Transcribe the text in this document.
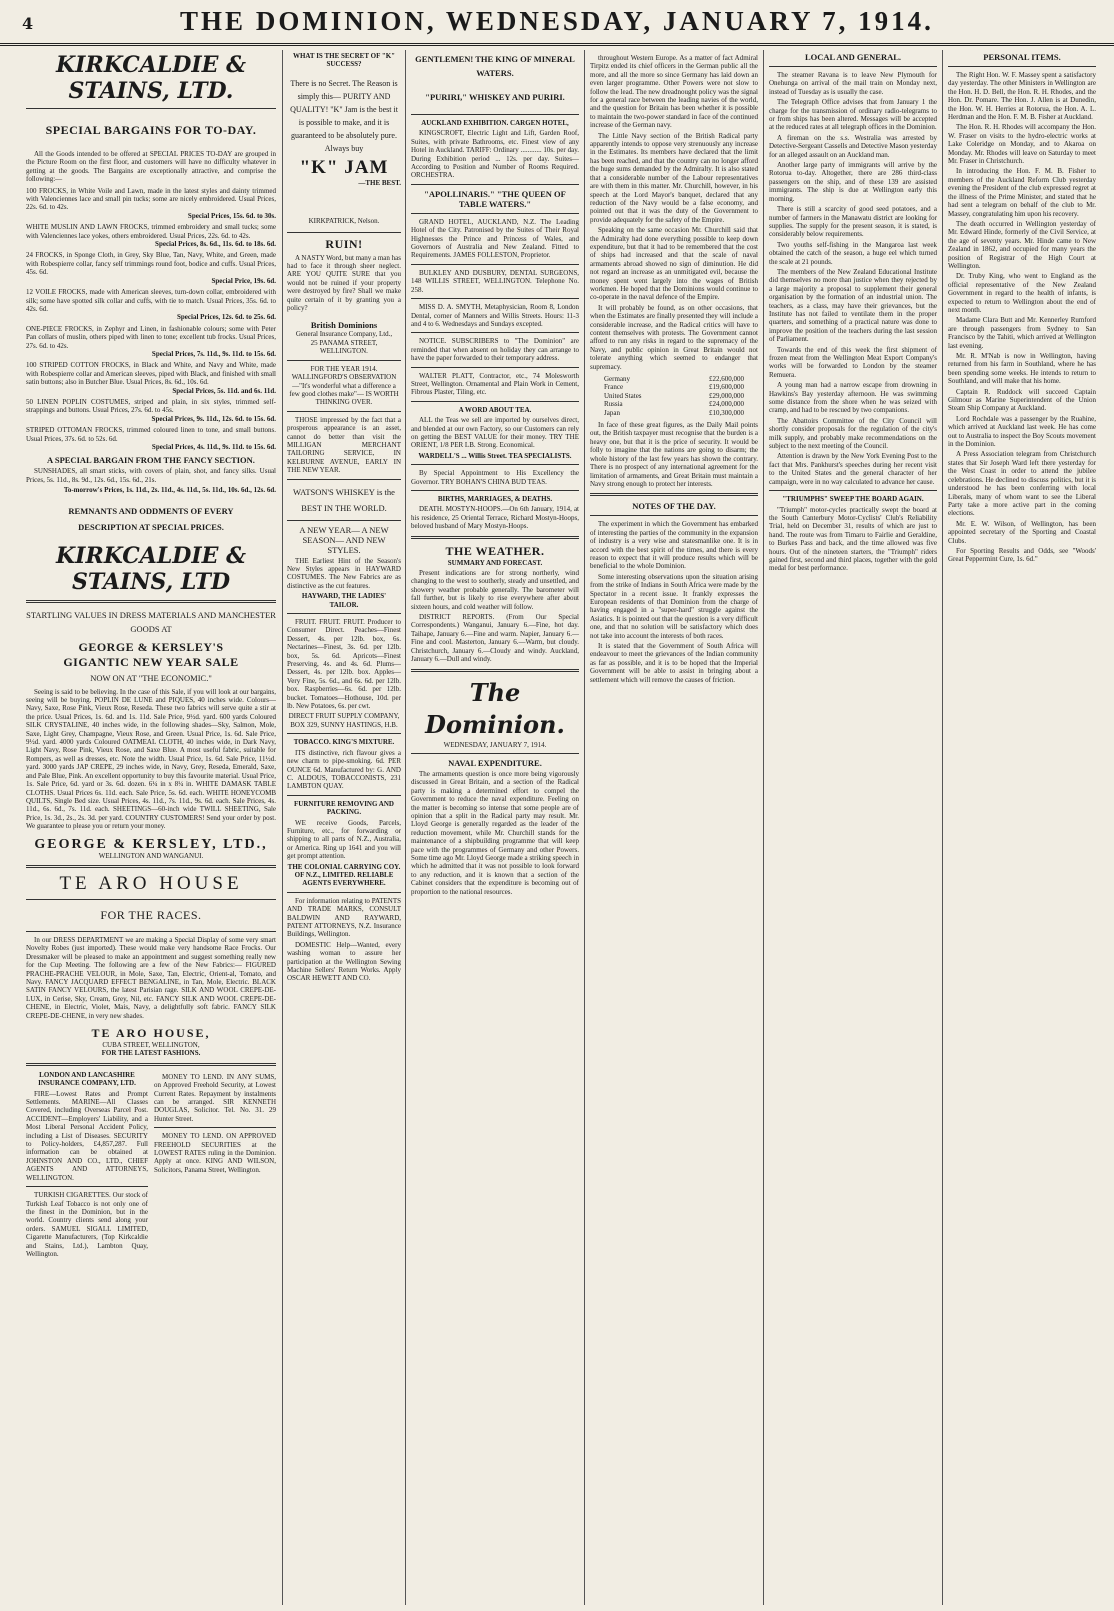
4	THE DOMINION, WEDNESDAY, JANUARY 7, 1914.
KIRKCALDIE & STAINS, LTD.
SPECIAL BARGAINS FOR TO-DAY.

All the Goods intended to be offered at SPECIAL PRICES TO-DAY are grouped in the Picture Room on the first floor, and customers will have no difficulty whatever in getting at the goods. The Bargains are exceptionally attractive, and comprise the following:—

100 FROCKS, in White Voile and Lawn, made in the latest styles and dainty trimmed with Valenciennes lace and small pin tucks; some are nicely embroidered. Usual Prices, 22s. 6d. to 42s.
Special Prices, 15s. 6d. to 30s.
WHITE MUSLIN AND LAWN FROCKS, trimmed embroidery and small tucks; some with Valenciennes lace yokes, others embroidered. Usual Prices, 22s. 6d. to 42s.
Special Prices, 8s. 6d., 11s. 6d. to 18s. 6d.
24 FROCKS, in Sponge Cloth, in Grey, Sky Blue, Tan, Navy, White, and Green, made with Robespierre collar, fancy self trimmings round foot, bodice and cuffs. Usual Prices, 45s. 6d.
Special Price, 19s. 6d.
12 VOILE FROCKS, made with American sleeves, turn-down collar, embroidered with silk; some have spotted silk collar and cuffs, with tie to match. Usual Prices, 35s. 6d. to 42s. 6d.
Special Prices, 12s. 6d. to 25s. 6d.
ONE-PIECE FROCKS, in Zephyr and Linen, in fashionable colours; some with Peter Pan collars of muslin, others piped with linen to tone; excellent tub frocks. Usual Prices, 27s. 6d. to 42s.
Special Prices, 7s. 11d., 9s. 11d. to 15s. 6d.
100 STRIPED COTTON FROCKS, in Black and White, and Navy and White, made with Robespierre collar and American sleeves, piped with Black, and finished with small satin buttons; also in Butcher Blue. Usual Prices, 8s. 6d., 10s. 6d.
Special Prices, 5s. 11d. and 6s. 11d.
50 LINEN POPLIN COSTUMES, striped and plain, in six styles, trimmed self-strappings and buttons. Usual Prices, 27s. 6d. to 45s.
Special Prices, 9s. 11d., 12s. 6d. to 15s. 6d.
STRIPED OTTOMAN FROCKS, trimmed coloured linen to tone, and small buttons. Usual Prices, 37s. 6d. to 52s. 6d.
Special Prices, 4s. 11d., 9s. 11d. to 15s. 6d.
A SPECIAL BARGAIN FROM THE FANCY SECTION.

SUNSHADES, all smart sticks, with covers of plain, shot, and fancy silks. Usual Prices, 5s. 11d., 8s. 9d., 12s. 6d., 15s. 6d., 21s.

To-morrow's Prices, 1s. 11d., 2s. 11d., 4s. 11d., 5s. 11d., 10s. 6d., 12s. 6d.
REMNANTS AND ODDMENTS OF EVERY DESCRIPTION AT SPECIAL PRICES.
KIRKCALDIE & STAINS, LTD
STARTLING VALUES IN DRESS MATERIALS AND MANCHESTER GOODS AT
GEORGE & KERSLEY'S
GIGANTIC NEW YEAR SALE
NOW ON AT "THE ECONOMIC."

Seeing is said to be believing. In the case of this Sale, if you will look at our bargains, seeing will be buying. POPLIN DE LUNE and PIQUES, 40 inches wide. Colours—Navy, Saxe, Rose Pink, Vieux Rose, Reseda. These two fabrics will serve quite a stir at the price. Usual Prices, 1s. 6d. and 1s. 11d. Sale Price, 9½d. yard. 600 yards Coloured SILK CRYSTALINE, 40 inches wide, in the following shades—Sky, Salmon, Mole, Saxe, Light Grey, Champagne, Vieux Rose, and Green. Usual Price, 1s. 6d. Sale Price, 9½d. yard. 4000 yards Coloured OATMEAL CLOTH, 40 inches wide, in Dark Navy, Light Navy, Rose Pink, Vieux Rose, and Saxe Blue. A most useful fabric, suitable for Rompers, as well as dresses, etc. Note the width. Usual Price, 1s. 6d. Sale Price, 11½d. yard. 3000 yards JAP CREPE, 29 inches wide, in Navy, Grey, Reseda, Emerald, Saxe, and Pale Blue, Pink. An excellent opportunity to buy this favourite material. Usual Price, 1s. Sale Price, 6d. yard or 3s. 6d. dozen. 6¼ in x 8¼ in. WHITE DAMASK TABLE CLOTHS. Usual Prices 6s. 11d. each. Sale Price, 5s. 6d. each. WHITE HONEYCOMB QUILTS, Single Bed size. Usual Prices, 4s. 11d., 7s. 11d., 9s. 6d. each. Sale Prices, 4s. 11d., 6s. 6d., 7s. 11d. each. SHEETINGS—60-inch wide TWILL SHEETING, Sale Price, 1s. 3d., 2s., 2s. 3d. per yard. COUNTRY CUSTOMERS! Send your order by post. We guarantee to please you or return your money.

GEORGE & KERSLEY, LTD.,
WELLINGTON AND WANGANUI.
TE ARO HOUSE
FOR THE RACES.

In our DRESS DEPARTMENT we are making a Special Display of some very smart Novelty Robes (just imported). These would make very handsome Race Frocks. Our Dressmaker will be pleased to make an appointment and suggest something really new for the Cup Meeting. The following are a few of the New Fabrics:— FIGURED PRACHE-PRACHE VELOUR, in Mole, Saxe, Tan, Electric, Orient-al, Tomato, and Navy. FANCY JACQUARD EFFECT BENGALINE, in Tan, Mole, Electric. BLACK SATIN FANCY VELOURS, the latest Parisian rage. SILK AND WOOL CREPE-DE-LUX, in Cerise, Sky, Cream, Grey, Nil, etc. FANCY SILK AND WOOL CREPE-DE-CHENE, in Electric, Violet, Mais, Navy, a delightfully soft fabric. FANCY SILK CREPE-DE-CHENE, in very new shades.

TE ARO HOUSE,
CUBA STREET, WELLINGTON,
FOR THE LATEST FASHIONS.
LONDON AND LANCASHIRE INSURANCE COMPANY, LTD.

FIRE—Lowest Rates and Prompt Settlements. MARINE—All Classes Covered, including Overseas Parcel Post. ACCIDENT—Employers' Liability, and a Most Liberal Personal Accident Policy, including a List of Diseases. SECURITY to Policy-holders, £4,857,287. Full information can be obtained at JOHNSTON AND CO., LTD., CHIEF AGENTS AND ATTORNEYS, WELLINGTON.

TURKISH CIGARETTES. Our stock of Turkish Leaf Tobacco is not only one of the finest in the Dominion, but in the world. Country clients send along your orders. SAMUEL SIGALL LIMITED, Cigarette Manufacturers, (Top Kirkcaldie and Stains, Ltd.), Lambton Quay, Wellington.

MONEY TO LEND. IN ANY SUMS, on Approved Freehold Security, at Lowest Current Rates. Repayment by instalments can be arranged. SIR KENNETH DOUGLAS, Solicitor. Tel. No. 31. 29 Hunter Street.

MONEY TO LEND. ON APPROVED FREEHOLD SECURITIES at the LOWEST RATES ruling in the Dominion. Apply at once. KING AND WILSON, Solicitors, Panama Street, Wellington.

WHAT IS THE SECRET OF "K" SUCCESS?

There is no Secret. The Reason is simply this— PURITY AND QUALITY! "K" Jam is the best it is possible to make, and it is guaranteed to be absolutely pure. Always buy

"K" JAM
—THE BEST.
KIRKPATRICK, Nelson.
RUIN!

A NASTY Word, but many a man has had to face it through sheer neglect. ARE YOU QUITE SURE that you would not be ruined if your property were destroyed by fire? Shall we make quite certain of it by granting you a policy?

British Dominions
General Insurance Company, Ltd.,
25 PANAMA STREET, WELLINGTON.

FOR THE YEAR 1914. WALLINGFORD'S OBSERVATION—"It's wonderful what a difference a few good clothes make"— IS WORTH THINKING OVER.

THOSE impressed by the fact that a prosperous appearance is an asset, cannot do better than visit the MILLIGAN MERCHANT TAILORING SERVICE, IN KELBURNE AVENUE, EARLY IN THE NEW YEAR.

WATSON'S WHISKEY is the BEST IN THE WORLD.

A NEW YEAR— A NEW SEASON— AND NEW STYLES.

THE Earliest Hint of the Season's New Styles appears in HAYWARD COSTUMES. The New Fabrics are as distinctive as the cut features.

HAYWARD, THE LADIES' TAILOR.

FRUIT. FRUIT. FRUIT. Producer to Consumer Direct. Peaches—Finest Dessert, 4s. per 12lb. box, 6s. Nectarines—Finest, 3s. 6d. per 12lb. box, 5s. 6d. Apricots—Finest Preserving, 4s. and 4s. 6d. Plums—Dessert, 4s. per 12lb. box. Apples—Very Fine, 5s. 6d., and 6s. 6d. per 12lb. box. Raspberries—6s. 6d. per 12lb. bucket. Tomatoes—Hothouse, 10d. per lb. New Potatoes, 6s. per cwt.

DIRECT FRUIT SUPPLY COMPANY, BOX 329, SUNNY HASTINGS, H.B.
TOBACCO. KING'S MIXTURE.

ITS distinctive, rich flavour gives a new charm to pipe-smoking. 6d. PER OUNCE 6d. Manufactured by: G. AND C. ALDOUS, TOBACCONISTS, 231 LAMBTON QUAY.

FURNITURE REMOVING AND PACKING.

WE receive Goods, Parcels, Furniture, etc., for forwarding or shipping to all parts of N.Z., Australia, or America. Ring up 1641 and you will get prompt attention.

THE COLONIAL CARRYING COY. OF N.Z., LIMITED. RELIABLE AGENTS EVERYWHERE.

For information relating to PATENTS AND TRADE MARKS, CONSULT BALDWIN AND RAYWARD, PATENT ATTORNEYS, N.Z. Insurance Buildings, Wellington.

DOMESTIC Help—Wanted, every washing woman to assure her participation at the Wellington Sewing Machine Sellers' Return Works. Apply OSCAR HEWETT AND CO.

GENTLEMEN! THE KING OF MINERAL WATERS.
"PURIRI," WHISKEY AND PURIRI.
AUCKLAND EXHIBITION. CARGEN HOTEL,

KINGSCROFT, Electric Light and Lift, Garden Roof, Suites, with private Bathrooms, etc. Finest view of any Hotel in Auckland. TARIFF: Ordinary ............ 10s. per day. During Exhibition period ... 12s. per day. Suites—According to Position and Number of Rooms Required. ORCHESTRA.

"APOLLINARIS." "THE QUEEN OF TABLE WATERS."

GRAND HOTEL, AUCKLAND, N.Z. The Leading Hotel of the City. Patronised by the Suites of Their Royal Highnesses the Prince and Princess of Wales, and Governors of Australia and New Zealand. Fitted to Requirements. JAMES FOLLESTON, Proprietor.

BULKLEY AND DUSBURY, DENTAL SURGEONS, 148 WILLIS STREET, WELLINGTON. Telephone No. 258.

MISS D. A. SMYTH, Metaphysician, Room 8, London Dental, corner of Manners and Willis Streets. Hours: 11-3 and 4 to 6. Wednesdays and Sundays excepted.

NOTICE. SUBSCRIBERS to "The Dominion" are reminded that when absent on holiday they can arrange to have the paper forwarded to their temporary address.

WALTER PLATT, Contractor, etc., 74 Molesworth Street, Wellington. Ornamental and Plain Work in Cement, Fibrous Plaster, Tiling, etc.

A WORD ABOUT TEA.

ALL the Teas we sell are imported by ourselves direct, and blended at our own Factory, so our Customers can rely on getting the BEST VALUE for their money. TRY THE ORIENT, 1/8 PER LB. Strong. Economical.

WARDELL'S ... Willis Street. TEA SPECIALISTS.

By Special Appointment to His Excellency the Governor. TRY BOHAN'S CHINA BUD TEAS.

BIRTHS, MARRIAGES, & DEATHS.

DEATH. MOSTYN-HOOPS.—On 6th January, 1914, at his residence, 25 Oriental Terrace, Richard Mostyn-Hoops, beloved husband of Mary Mostyn-Hoops.

THE WEATHER.
SUMMARY AND FORECAST.

Present indications are for strong northerly, wind changing to the west to southerly, steady and unsettled, and showery weather probable generally. The barometer will fall further, but is likely to rise everywhere after about sixteen hours, and cold weather will follow.

DISTRICT REPORTS. (From Our Special Correspondents.) Wanganui, January 6.—Fine, hot day. Taihape, January 6.—Fine and warm. Napier, January 6.—Fine and cool. Masterton, January 6.—Warm, but cloudy. Christchurch, January 6.—Cloudy and windy. Auckland, January 6.—Dull and windy.

The Dominion.
WEDNESDAY, JANUARY 7, 1914.
NAVAL EXPENDITURE.

The armaments question is once more being vigorously discussed in Great Britain, and a section of the Radical party is making a determined effort to compel the Government to reduce the naval expenditure. Feeling on the matter is becoming so intense that some people are of opinion that a split in the Radical party may result. Mr. Lloyd George is generally regarded as the leader of the reduction movement, while Mr. Churchill stands for the maintenance of a shipbuilding programme that will keep pace with the programmes of Germany and other Powers. Some time ago Mr. Lloyd George made a striking speech in which he admitted that it was not possible to look forward to any reduction, and it is known that a section of the Cabinet considers that the expenditure is becoming out of proportion to the national resources.

throughout Western Europe. As a matter of fact Admiral Tirpitz ended its chief officers in the German public all the more, and all the more so since Germany has laid down an even larger programme. Other Powers were not slow to follow the lead. The new dreadnought policy was the signal for a general race between the leading navies of the world, and the question for Britain has been whether it is possible to maintain the two-power standard in face of the continued increase of the German navy.

The Little Navy section of the British Radical party apparently intends to oppose very strenuously any increase in the Estimates. Its members have declared that the limit has been reached, and that the country can no longer afford the huge sums demanded by the Admiralty. It is also stated that a considerable number of the Labour representatives are with them in this matter. Mr. Churchill, however, in his speech at the Lord Mayor's banquet, declared that any reduction of the Navy would be a false economy, and pointed out that it was the duty of the Government to provide adequately for the safety of the Empire.

Speaking on the same occasion Mr. Churchill said that the Admiralty had done everything possible to keep down expenditure, but that it had to be remembered that the cost of ships had increased and that the scale of naval armaments abroad showed no sign of diminution. He did not regard an increase as an unmitigated evil, because the money spent went largely into the wages of British workmen. He hoped that the Dominions would continue to co-operate in the naval defence of the Empire.

It will probably be found, as on other occasions, that when the Estimates are finally presented they will include a considerable increase, and the Radical critics will have to content themselves with protests. The Government cannot afford to run any risks in regard to the supremacy of the Navy, and public opinion in Great Britain would not tolerate anything which seemed to endanger that supremacy.

Germany	£22,600,000
France	£19,600,000
United States	£29,000,000
Russia	£24,000,000
Japan	£10,300,000

In face of these great figures, as the Daily Mail points out, the British taxpayer must recognise that the burden is a heavy one, but that it is the price of security. It would be folly to imagine that the nations are going to disarm; the whole history of the last few years has shown the contrary. There is no prospect of any international agreement for the limitation of armaments, and Great Britain must maintain a Navy strong enough to protect her interests.

NOTES OF THE DAY.

The experiment in which the Government has embarked of interesting the parties of the community in the expansion of industry is a very wise and statesmanlike one. It is in accord with the best spirit of the times, and there is every reason to expect that it will produce results which will be beneficial to the whole Dominion.

Some interesting observations upon the situation arising from the strike of Indians in South Africa were made by the Spectator in a recent issue. It frankly expresses the European residents of that Dominion from the charge of having engaged in a "super-hard" struggle against the Asiatics. It is pointed out that the question is a very difficult one, and that no solution will be satisfactory which does not take into account the interests of both races.

It is stated that the Government of South Africa will endeavour to meet the grievances of the Indian community as far as possible, and it is to be hoped that the Imperial Government will be able to assist in bringing about a settlement which will remove the causes of friction.

LOCAL AND GENERAL.

The steamer Ravana is to leave New Plymouth for Onehunga on arrival of the mail train on Monday next, instead of Tuesday as is usually the case.

The Telegraph Office advises that from January 1 the charge for the transmission of ordinary radio-telegrams to or from ships has been altered. Messages will be accepted at the reduced rates at all telegraph offices in the Dominion.

A fireman on the s.s. Westralia was arrested by Detective-Sergeant Cassells and Detective Mason yesterday for an alleged assault on an Auckland man.

Another large party of immigrants will arrive by the Rotorua to-day. Altogether, there are 286 third-class passengers on the ship, and of these 139 are assisted immigrants. The ship is due at Wellington early this morning.

There is still a scarcity of good seed potatoes, and a number of farmers in the Manawatu district are looking for supplies. The supply for the present season, it is stated, is considerably below requirements.

Two youths self-fishing in the Mangaroa last week obtained the catch of the season, a huge eel which turned the scale at 21 pounds.

The members of the New Zealand Educational Institute did themselves no more than justice when they rejected by a large majority a proposal to supplement their general organisation by the formation of an industrial union. The teachers, as a class, may have their grievances, but the Institute has not failed to ventilate them in the proper quarters, and something of a practical nature was done to improve the position of the teachers during the last session of Parliament.

Towards the end of this week the first shipment of frozen meat from the Wellington Meat Export Company's works will be forwarded to London by the steamer Remuera.

A young man had a narrow escape from drowning in Hawkins's Bay yesterday afternoon. He was swimming some distance from the shore when he was seized with cramp, and had to be rescued by two companions.

The Abattoirs Committee of the City Council will shortly consider proposals for the regulation of the city's milk supply, and probably make recommendations on the subject to the next meeting of the Council.

Attention is drawn by the New York Evening Post to the fact that Mrs. Pankhurst's speeches during her recent visit to the United States and the general character of her campaign, were in no way calculated to advance her cause.

"TRIUMPHS" SWEEP THE BOARD AGAIN.

"Triumph" motor-cycles practically swept the board at the South Canterbury Motor-Cyclists' Club's Reliability Trial, held on December 31, results of which are just to hand. The route was from Timaru to Fairlie and Geraldine, to Burkes Pass and back, and the time allowed was five hours. Out of the nineteen starters, the "Triumph" riders gained first, second and third places, together with the gold medal for best performance.

PERSONAL ITEMS.

The Right Hon. W. F. Massey spent a satisfactory day yesterday. The other Ministers in Wellington are the Hon. H. D. Bell, the Hon. R. H. Rhodes, and the Hon. Dr. Pomare. The Hon. J. Allen is at Dunedin, the Hon. W. H. Herries at Rotorua, the Hon. A. L. Herdman and the Hon. F. M. B. Fisher at Auckland.

The Hon. R. H. Rhodes will accompany the Hon. W. Fraser on visits to the hydro-electric works at Lake Coleridge on Monday, and to Akaroa on Monday. Mr. Rhodes will leave on Saturday to meet Mr. Fraser in Christchurch.

In introducing the Hon. F. M. B. Fisher to members of the Auckland Reform Club yesterday evening the President of the club expressed regret at the illness of the Prime Minister, and stated that he had sent a telegram on behalf of the club to Mr. Massey, congratulating him upon his recovery.

The death occurred in Wellington yesterday of Mr. Edward Hinde, formerly of the Civil Service, at the age of seventy years. Mr. Hinde came to New Zealand in 1862, and occupied for many years the position of Registrar of the High Court at Wellington.

Dr. Truby King, who went to England as the official representative of the New Zealand Government in regard to the health of infants, is expected to return to Wellington about the end of next month.

Madame Clara Butt and Mr. Kennerley Rumford are through passengers from Sydney to San Francisco by the Tahiti, which arrived at Wellington last evening.

Mr. R. M'Nab is now in Wellington, having returned from his farm in Southland, where he has been spending some weeks. He intends to return to Southland, and will make that his home.

Captain R. Ruddock will succeed Captain Gilmour as Marine Superintendent of the Union Steam Ship Company at Auckland.

Lord Rochdale was a passenger by the Ruahine, which arrived at Auckland last week. He has come out to Australia to inspect the Boy Scouts movement in the Dominion.

A Press Association telegram from Christchurch states that Sir Joseph Ward left there yesterday for the West Coast in order to attend the jubilee celebrations. He declined to discuss politics, but it is understood he has been conferring with local Liberals, many of whom want to see the Liberal Party take a more active part in the coming elections.

Mr. E. W. Wilson, of Wellington, has been appointed secretary of the Sporting and Coastal Clubs.

For Sporting Results and Odds, see "Woods' Great Peppermint Cure, 1s. 6d."
